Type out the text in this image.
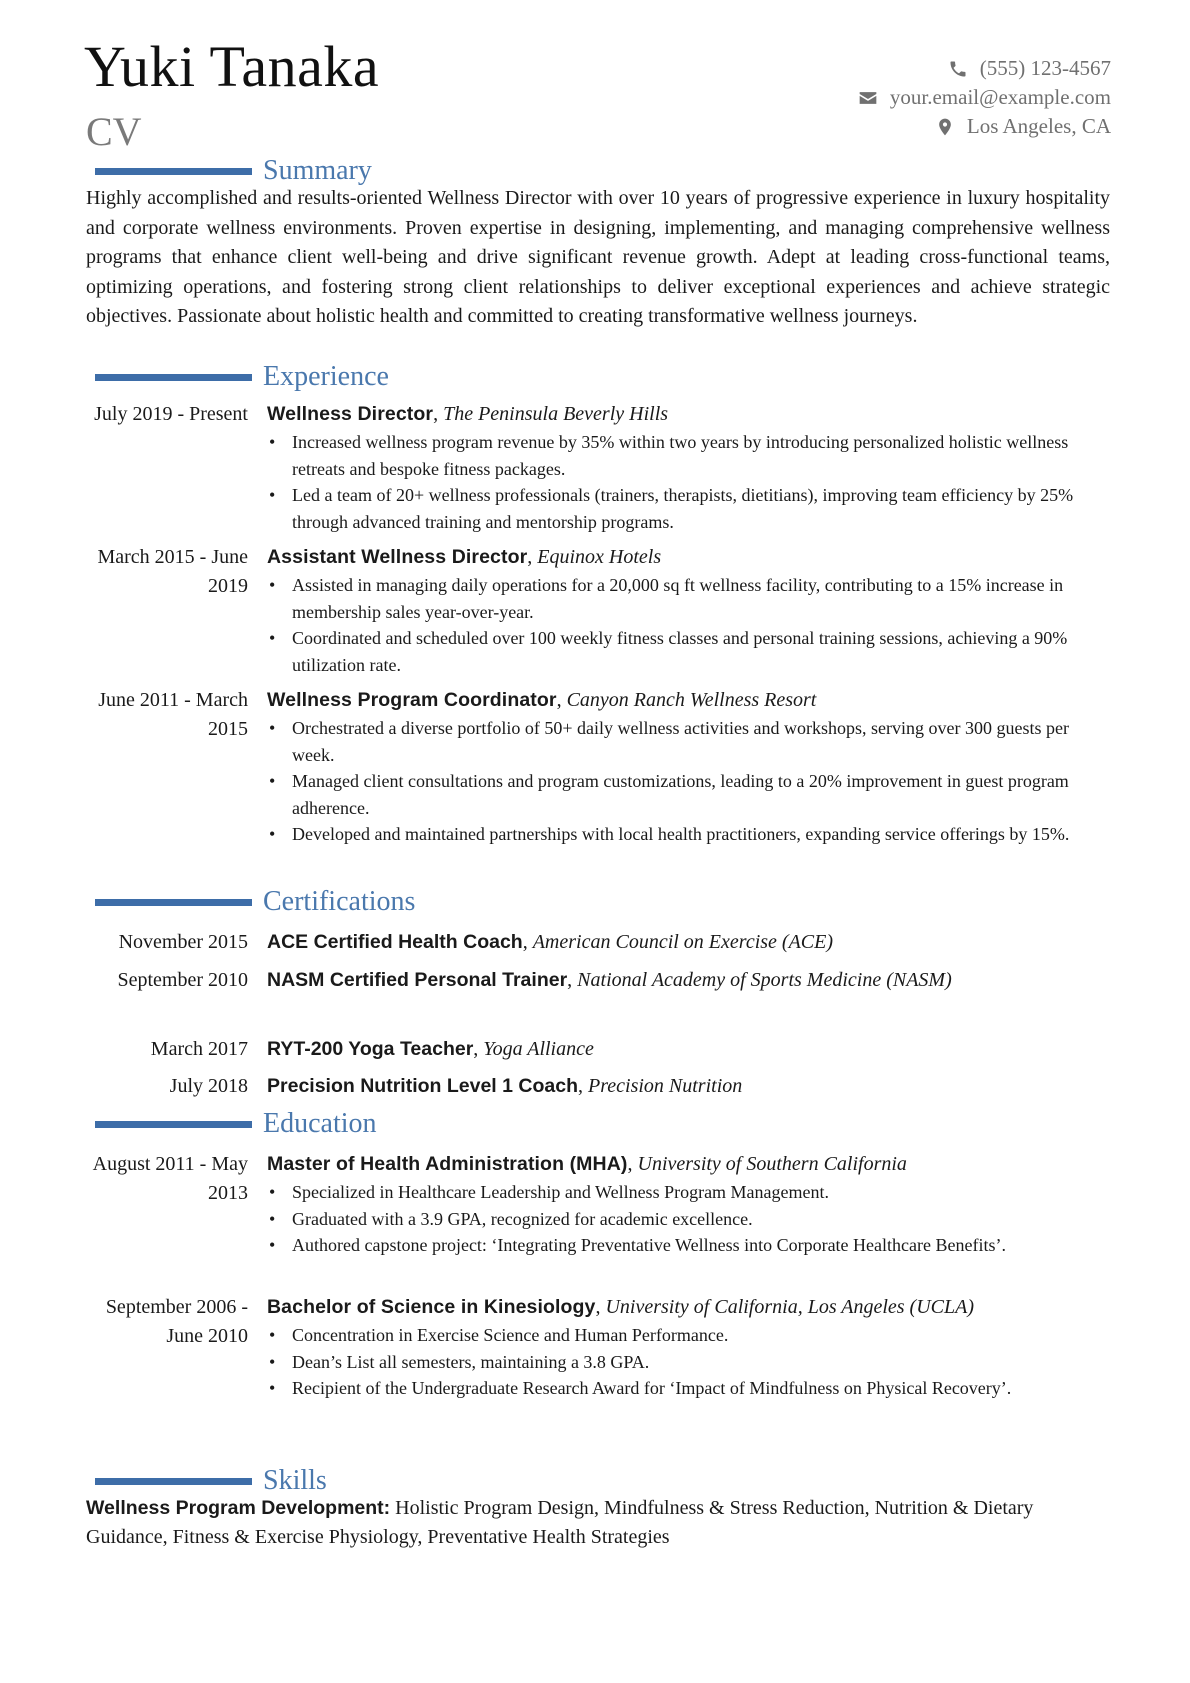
Yuki Tanaka
CV
(555) 123-4567
your.email@example.com
Los Angeles, CA
Summary
Highly accomplished and results-oriented Wellness Director with over 10 years of progressive experience in luxury hospitality and corporate wellness environments. Proven expertise in designing, implementing, and managing comprehensive wellness programs that enhance client well-being and drive significant revenue growth. Adept at leading cross-functional teams, optimizing operations, and fostering strong client relationships to deliver exceptional experiences and achieve strategic objectives. Passionate about holistic health and committed to creating transformative wellness journeys.
Experience
July 2019 - Present Wellness Director, The Peninsula Beverly Hills
• Increased wellness program revenue by 35% within two years by introducing personalized holistic wellness retreats and bespoke fitness packages.
• Led a team of 20+ wellness professionals (trainers, therapists, dietitians), improving team efficiency by 25% through advanced training and mentorship programs.
March 2015 - June 2019
Assistant Wellness Director, Equinox Hotels
• Assisted in managing daily operations for a 20,000 sq ft wellness facility, contributing to a 15% increase in membership sales year-over-year.
• Coordinated and scheduled over 100 weekly fitness classes and personal training sessions, achieving a 90% utilization rate.
June 2011 - March 2015
Wellness Program Coordinator, Canyon Ranch Wellness Resort
• Orchestrated a diverse portfolio of 50+ daily wellness activities and workshops, serving over 300 guests per week.
• Managed client consultations and program customizations, leading to a 20% improvement in guest program adherence.
• Developed and maintained partnerships with local health practitioners, expanding service offerings by 15%.
Certifications
November 2015 ACE Certified Health Coach, American Council on Exercise (ACE)
September 2010 NASM Certified Personal Trainer, National Academy of Sports Medicine (NASM)
March 2017 RYT-200 Yoga Teacher, Yoga Alliance
July 2018 Precision Nutrition Level 1 Coach, Precision Nutrition
Education
August 2011 - May 2013
Master of Health Administration (MHA), University of Southern California
• Specialized in Healthcare Leadership and Wellness Program Management.
• Graduated with a 3.9 GPA, recognized for academic excellence.
• Authored capstone project: ‘Integrating Preventative Wellness into Corporate Healthcare Benefits’.
September 2006 - June 2010
Bachelor of Science in Kinesiology, University of California, Los Angeles (UCLA)
• Concentration in Exercise Science and Human Performance.
• Dean’s List all semesters, maintaining a 3.8 GPA.
• Recipient of the Undergraduate Research Award for ‘Impact of Mindfulness on Physical Recovery’.
Skills
Wellness Program Development: Holistic Program Design, Mindfulness & Stress Reduction, Nutrition & Dietary Guidance, Fitness & Exercise Physiology, Preventative Health Strategies
